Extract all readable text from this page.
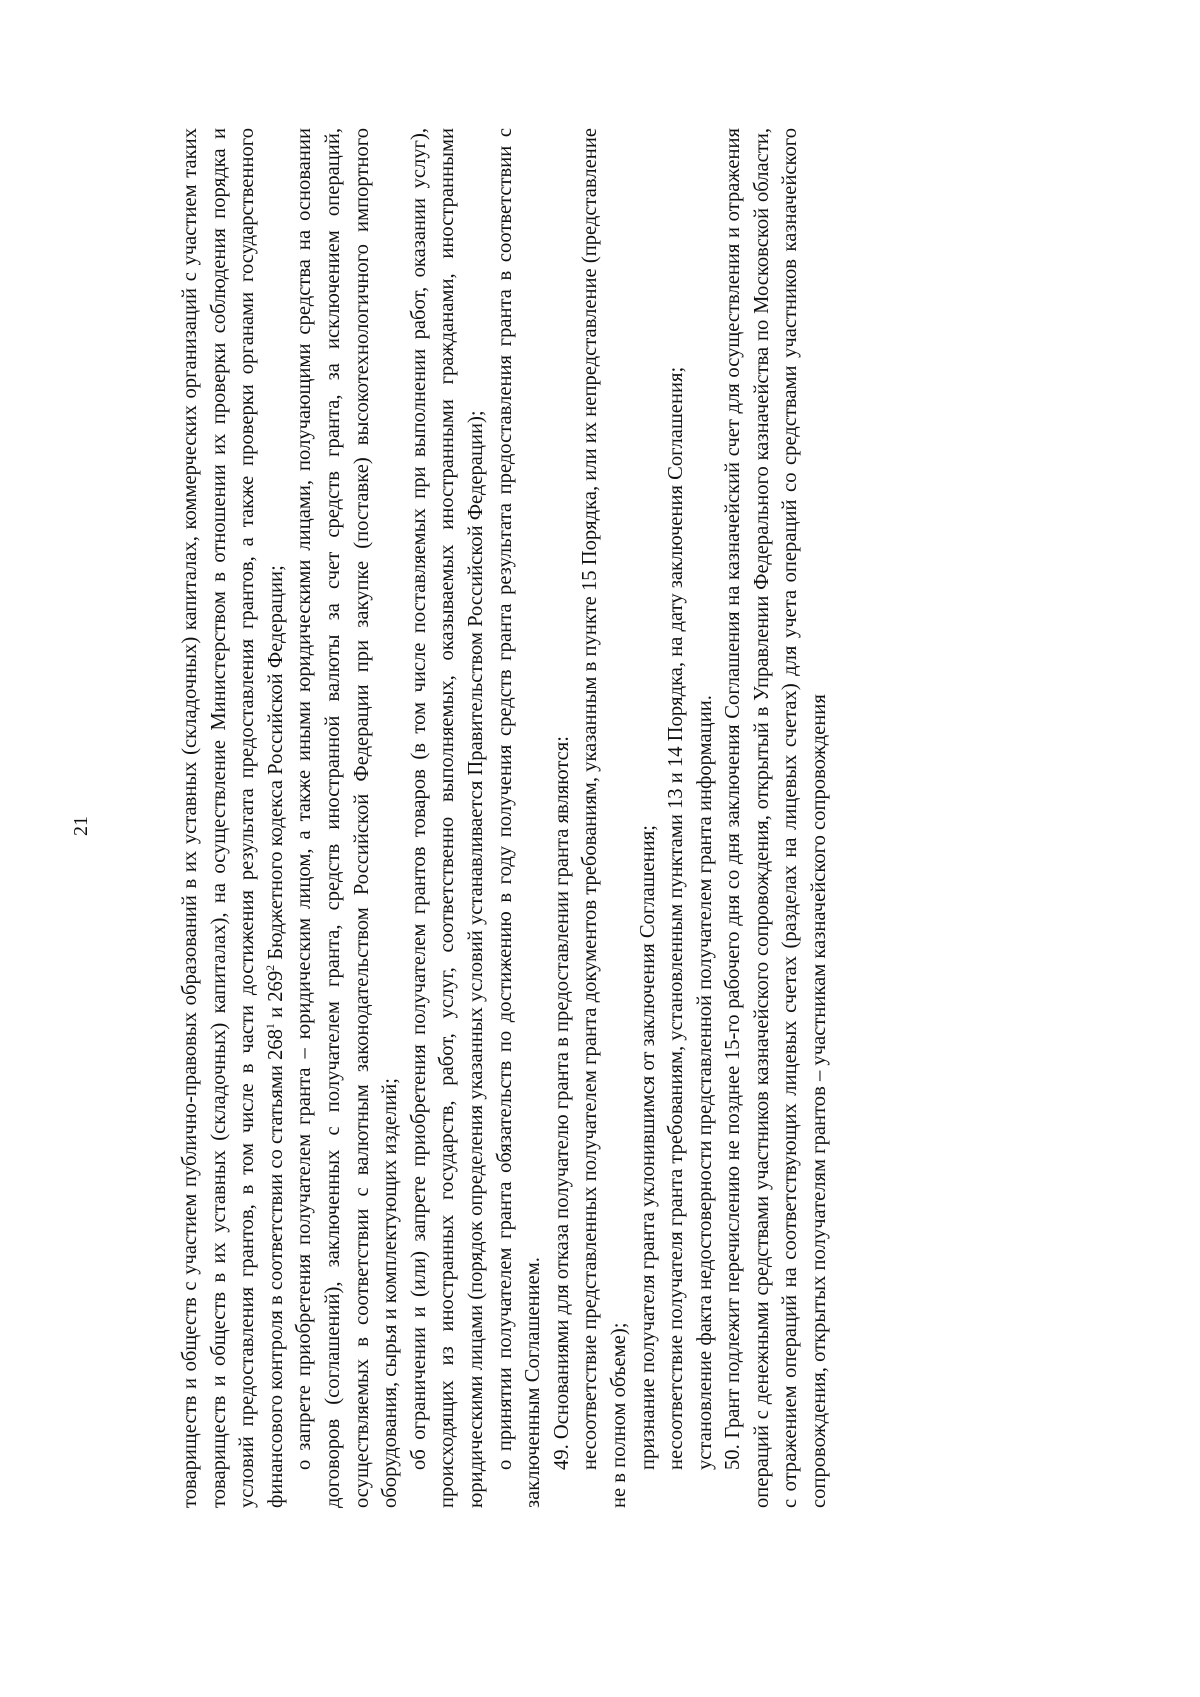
21	товариществ и обществ с участием публично-правовых образований в их уставных (складочных) капиталах, коммерческих организаций с участием таких товариществ и обществ в их уставных (складочных) капиталах), на осуществление Министерством в отношении их проверки соблюдения порядка и условий предоставления грантов, в том числе в части достижения результата предоставления грантов, а также проверки органами государственного финансового контроля в соответствии со статьями $268^1$ и $269^2$ Бюджетного кодекса Российской Федерации; о запрете приобретения получателем гранта – юридическим лицом, а также иными юридическими лицами, получающими средства на основании договоров (соглашений), заключенных с получателем гранта, средств иностранной валюты за счет средств гранта, за исключением операций, осуществляемых в соответствии с валютным законодательством Российской Федерации при закупке (поставке) высокотехнологичного импортного оборудования, сырья и комплектующих изделий; об ограничении и (или) запрете приобретения получателем грантов товаров (в том числе поставляемых при выполнении работ, оказании услуг), происходящих из иностранных государств, работ, услуг, соответственно выполняемых, оказываемых иностранными гражданами, иностранными юридическими лицами (порядок определения указанных условий устанавливается Правительством Российской Федерации); о принятии получателем гранта обязательств по достижению в году получения средств гранта результата предоставления гранта в соответствии с заключенным Соглашением. 49. Основаниями для отказа получателю гранта в предоставлении гранта являются: несоответствие представленных получателем гранта документов требованиям, указанным в пункте 15 Порядка, или их непредставление (представление не в полном объеме); признание получателя гранта уклонившимся от заключения Соглашения; несоответствие получателя гранта требованиям, установленным пунктами 13 и 14 Порядка, на дату заключения Соглашения; установление факта недостоверности представленной получателем гранта информации. 50. Грант подлежит перечислению не позднее 15-го рабочего дня со дня заключения Соглашения на казначейский счет для осуществления и отражения операций с денежными средствами участников казначейского сопровождения, открытый в Управлении Федерального казначейства по Московской области, с отражением операций на соответствующих лицевых счетах (разделах на лицевых счетах) для учета операций со средствами участников казначейского сопровождения, открытых получателям грантов – участникам казначейского сопровождения
